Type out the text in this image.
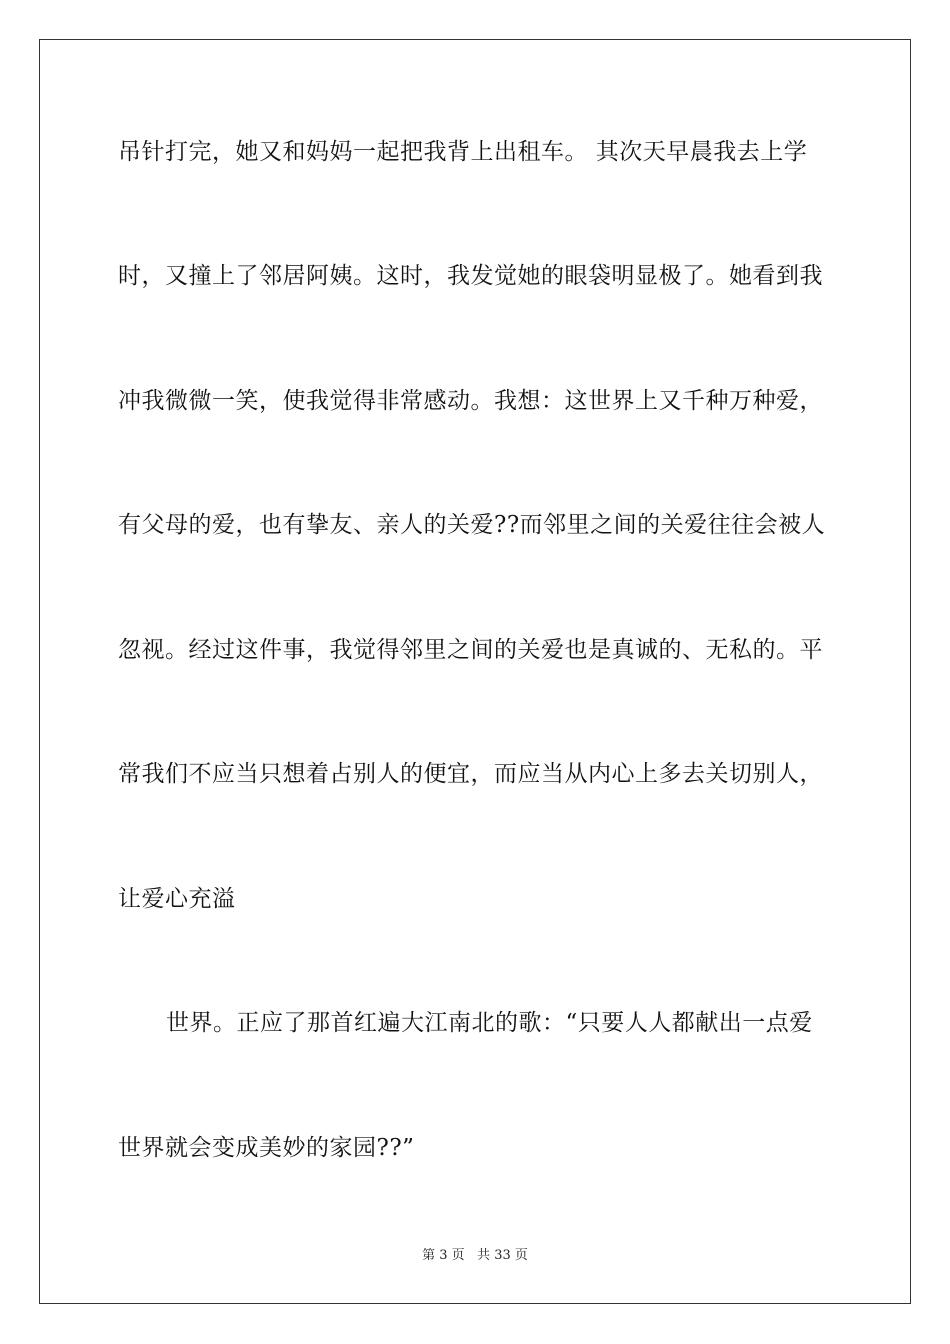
吊针打完，她又和妈妈一起把我背上出租车。 其次天早晨我去上学
时，又撞上了邻居阿姨。这时，我发觉她的眼袋明显极了。她看到我
冲我微微一笑，使我觉得非常感动。我想：这世界上又千种万种爱，
有父母的爱，也有挚友、亲人的关爱??而邻里之间的关爱往往会被人
忽视。经过这件事，我觉得邻里之间的关爱也是真诚的、无私的。平
常我们不应当只想着占别人的便宜，而应当从内心上多去关切别人，
让爱心充溢
世界。正应了那首红遍大江南北的歌：“只要人人都献出一点爱
世界就会变成美妙的家园??”
第 3 页   共 33 页
